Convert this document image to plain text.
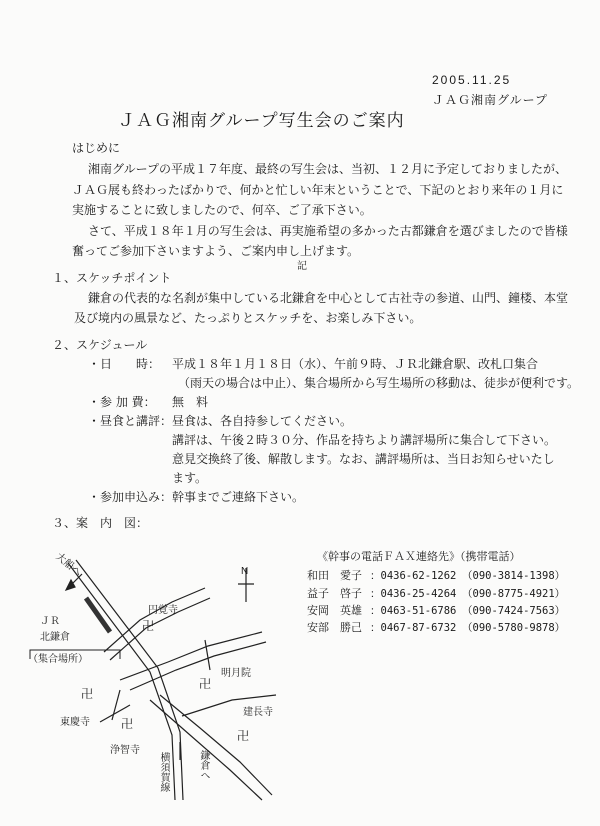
2005.11.25
ＪＡＧ湘南グループ
ＪＡＧ湘南グループ写生会のご案内
はじめに
湘南グループの平成１７年度、最終の写生会は、当初、１２月に予定しておりましたが、
ＪＡＧ展も終わったばかりで、何かと忙しい年末ということで、下記のとおり来年の１月に
実施することに致しましたので、何卒、ご了承下さい。
さて、平成１８年１月の写生会は、再実施希望の多かった古都鎌倉を選びましたので皆様
奮ってご参加下さいますよう、ご案内申し上げます。
記
１、スケッチポイント
鎌倉の代表的な名刹が集中している北鎌倉を中心として古社寺の参道、山門、鐘楼、本堂
及び境内の風景など、たっぷりとスケッチを、お楽しみ下さい。
２、スケジュール
・日　　時： 平成１８年１月１８日（水）、午前９時、ＪＲ北鎌倉駅、改札口集合
（雨天の場合は中止）、集合場所から写生場所の移動は、徒歩が便利です。
・参 加 費： 無　料
・昼食と講評： 昼食は、各自持参してください。
講評は、午後２時３０分、作品を持ちより講評場所に集合して下さい。
意見交換終了後、解散します。なお、講評場所は、当日お知らせいたし
ます。
・参加申込み： 幹事までご連絡下さい。
３、案　内　図：
卍
卍
卍
卍
卍
大船へ	N
円覚寺
ＪＲ
北鎌倉
（集合場所）
明月院
東慶寺
建長寺
浄智寺
横須賀線	鎌倉へ
《幹事の電話ＦＡＸ連絡先》（携帯電話）
和田　愛子 ：0436-62-1262 （090-3814-1398）
益子　啓子 ：0436-25-4264 （090-8775-4921）
安岡　英雄 ：0463-51-6786 （090-7424-7563）
安部　勝己 ：0467-87-6732 （090-5780-9878）
